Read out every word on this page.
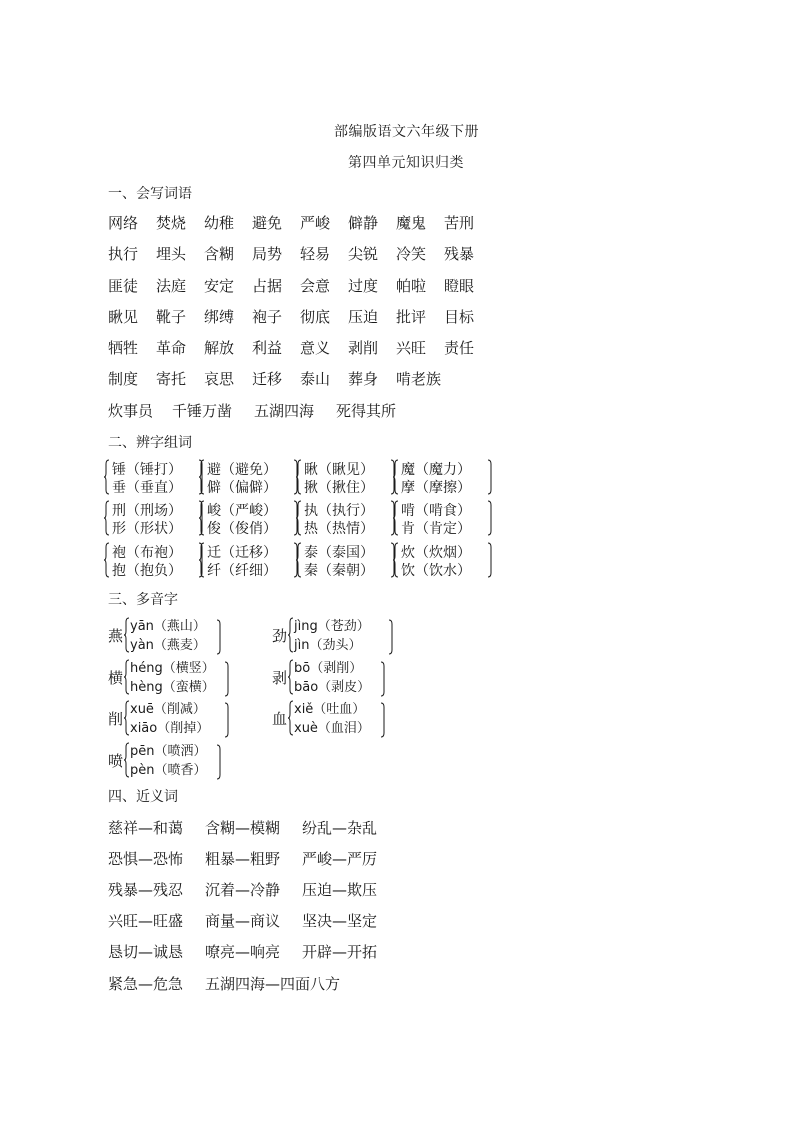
部编版语文六年级下册
第四单元知识归类
一、会写词语
网络 焚烧 幼稚 避免 严峻 僻静 魔鬼 苦刑
执行 埋头 含糊 局势 轻易 尖锐 冷笑 残暴
匪徒 法庭 安定 占据 会意 过度 帕啦 瞪眼
瞅见 靴子 绑缚 袍子 彻底 压迫 批评 目标
牺牲 革命 解放 利益 意义 剥削 兴旺 责任
制度 寄托 哀思 迁移 泰山 葬身 啃老族
炊事员 千锤万凿 五湖四海 死得其所
二、辨字组词
锤（锤打）
垂（垂直）
避（避免）
僻（偏僻）
瞅（瞅见）
揪（揪住）
魔（魔力）
摩（摩擦）
刑（刑场）
形（形状）
峻（严峻）
俊（俊俏）
执（执行）
热（热情）
啃（啃食）
肯（肯定）
袍（布袍）
抱（抱负）
迁（迁移）
纤（纤细）
泰（泰国）
秦（秦朝）
炊（炊烟）
饮（饮水）
三、多音字
燕
yān（燕山）
yàn（燕麦）
劲
jìng（苍劲）
jìn（劲头）
横
héng（横竖）
hèng（蛮横）
剥
bō（剥削）
bāo（剥皮）
削
xuē（削减）
xiāo（削掉）
血
xiě（吐血）
xuè（血泪）
喷
pēn（喷洒）
pèn（喷香）
四、近义词
慈祥—和蔼 含糊—模糊 纷乱—杂乱
恐惧—恐怖 粗暴—粗野 严峻—严厉
残暴—残忍 沉着—冷静 压迫—欺压
兴旺—旺盛 商量—商议 坚决—坚定
恳切—诚恳 嘹亮—响亮 开辟—开拓
紧急—危急 五湖四海—四面八方
